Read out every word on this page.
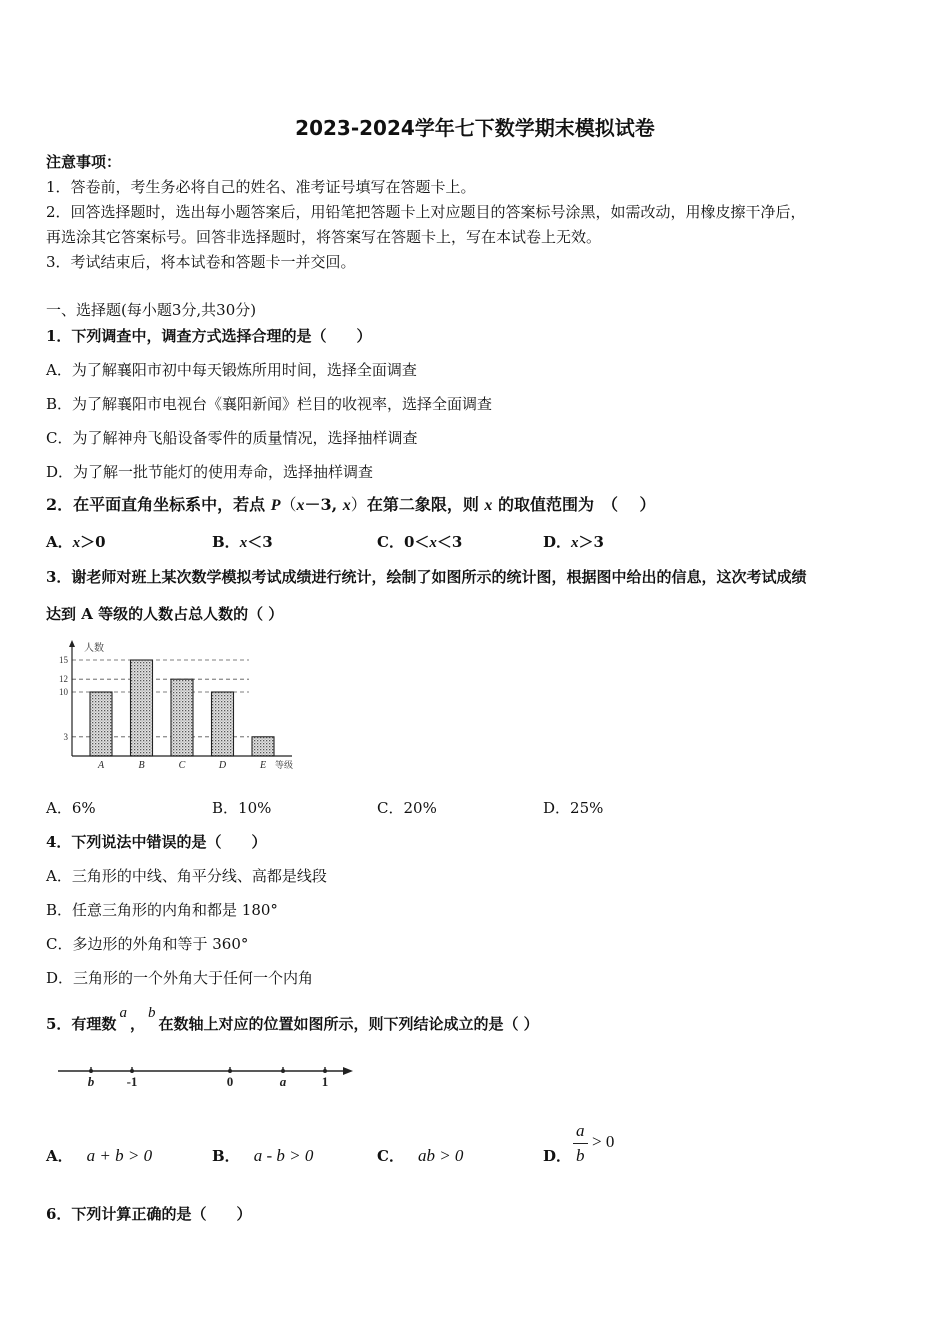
2023-2024学年七下数学期末模拟试卷
注意事项：
1．答卷前，考生务必将自己的姓名、准考证号填写在答题卡上。
2．回答选择题时，选出每小题答案后，用铅笔把答题卡上对应题目的答案标号涂黑，如需改动，用橡皮擦干净后，
再选涂其它答案标号。回答非选择题时，将答案写在答题卡上，写在本试卷上无效。
3．考试结束后，将本试卷和答题卡一并交回。
一、选择题(每小题3分,共30分)
1．下列调查中，调查方式选择合理的是（　　）
A．为了解襄阳市初中每天锻炼所用时间，选择全面调查
B．为了解襄阳市电视台《襄阳新闻》栏目的收视率，选择全面调查
C．为了解神舟飞船设备零件的质量情况，选择抽样调查
D．为了解一批节能灯的使用寿命，选择抽样调查
2．在平面直角坐标系中，若点 P（x－3, x）在第二象限，则 x 的取值范围为　（　 ）
A．x＞0	B．x＜3	C．0＜x＜3	D．x＞3
3．谢老师对班上某次数学模拟考试成绩进行统计，绘制了如图所示的统计图，根据图中给出的信息，这次考试成绩
达到 A 等级的人数占总人数的（ ）
人数
等级
3
10
12
15
A	B	C	D	E
A．6%	B．10%	C．20%	D．25%
4．下列说法中错误的是（　　）
A．三角形的中线、角平分线、高都是线段
B．任意三角形的内角和都是 180°
C．多边形的外角和等于 360°
D．三角形的一个外角大于任何一个内角
5．有理数a，b在数轴上对应的位置如图所示，则下列结论成立的是（ ）
b -1	0	a	1
A． a + b > 0	B． a - b > 0	C． ab > 0	D．
a
b
> 0
6．下列计算正确的是（　　）
